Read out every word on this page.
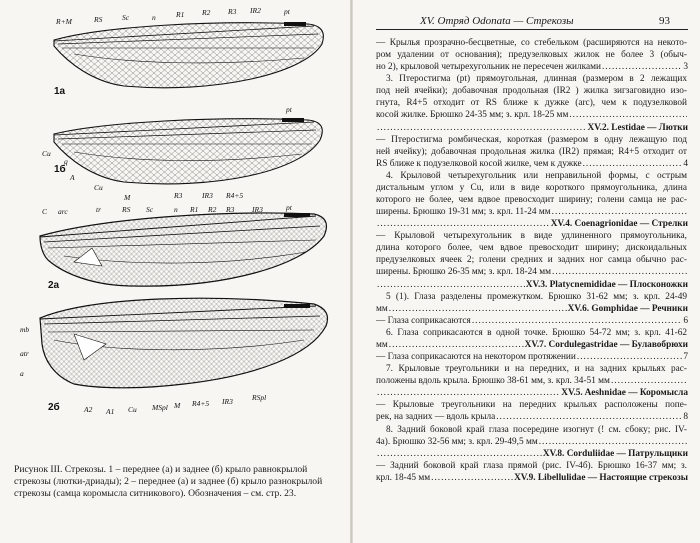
R+M	RS	Sc	n	R1 R2 R3 IR2	pt
1а
pt
Cu
q
A
Cu
M	R3	IR3 R4+5
1б
C arc	tr	RS Sc	n R1 R2 R3 IR3	pt
2а
mb
atr
a
A2 A1 Cu MSpl M R4+5 IR3	RSpl
2б

Рисунок III. Стрекозы. 1 – переднее (а) и заднее (б) крыло равнокрылой стрекозы (лютки-дриады); 2 – переднее (а) и заднее (б) крыло разнокрылой стрекозы (самца коромысла ситникового). Обозначения – см. стр. 23.

XV. Отряд Odonata — Стрекозы	93

— Крылья прозрачно-бесцветные, со стебельком (расширяются на некото-

ром удалении от основания); предузелковых жилок не более 3 (обыч-

но 2), крыловой четырехугольник не пересечен жилками .....	3

3. Птеростигма (pt) прямоугольная, длинная (размером в 2 лежащих

под ней ячейки); добавочная продольная (IR2 ) жилка зигзаговидно изо-

гнута, R4+5 отходит от RS ближе к дужке (arc), чем к подузелковой

косой жилке. Брюшко 24-35 мм; з. крл. 18-25 мм
.....

.....
XV.2. Lestidae — Лютки

— Птеростигма ромбическая, короткая (размером в одну лежащую под

ней ячейку); добавочная продольная жилка (IR2) прямая; R4+5 отходит от

RS ближе к подузелковой косой жилке, чем к дужке .....	4

4. Крыловой четырехугольник или неправильной формы, с острым

дистальным углом у Cu, или в виде короткого прямоугольника, длина

которого не более, чем вдвое превосходит ширину; голени самца не рас-

ширены. Брюшко 19-31 мм; з. крл. 11-24 мм
.....

.....
XV.4. Coenagrionidae — Стрелки

— Крыловой четырехугольник в виде удлиненного прямоугольника,

длина которого более, чем вдвое превосходит ширину; дискоидальных

предузелковых ячеек 2; голени средних и задних ног самца обычно рас-

ширены. Брюшко 26-35 мм; з. крл. 18-24 мм
.....

.....
XV.3. Platycnemididae — Плосконожки

5 (1). Глаза разделены промежутком. Брюшко 31-62 мм; з. крл. 24-49

мм .....	XV.6. Gomphidae — Речники

— Глаза соприкасаются .....	6

6. Глаза соприкасаются в одной точке. Брюшко 54-72 мм; з. крл. 41-62

мм .....	XV.7. Cordulegastridae — Булавобрюхи

— Глаза соприкасаются на некотором протяжении .....	7

7. Крыловые треугольники и на передних, и на задних крыльях рас-

положены вдоль крыла. Брюшко 38-61 мм, з. крл. 34-51 мм
.....

.....
XV.5. Aeshnidae — Коромысла

— Крыловые треугольники на передних крыльях расположены попе-

рек, на задних — вдоль крыла .....	8

8. Задний боковой край глаза посередине изогнут (! см. сбоку; рис. IV-

4а). Брюшко 32-56 мм; з. крл. 29-49,5 мм
.....

.....
XV.8. Corduliidae — Патрульщики

— Задний боковой край глаза прямой (рис. IV-4б). Брюшко 16-37 мм; з.

крл. 18-45 мм .....	XV.9. Libellulidae — Настоящие стрекозы
